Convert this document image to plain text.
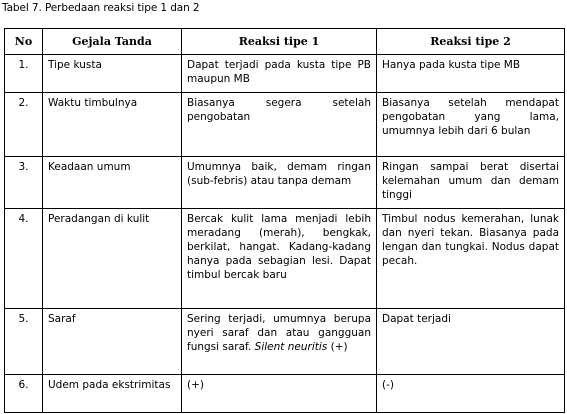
Tabel 7. Perbedaan reaksi tipe 1 dan 2
No	Gejala Tanda	Reaksi tipe 1	Reaksi tipe 2
1.	Tipe kusta	Dapat terjadi pada kusta tipe PB maupun MB	Hanya pada kusta tipe MB
2.	Waktu timbulnya	Biasanya segera setelah pengobatan	Biasanya setelah mendapat pengobatan yang lama, umumnya lebih dari 6 bulan
3.	Keadaan umum	Umumnya baik, demam ringan (sub-febris) atau tanpa demam	Ringan sampai berat disertai kelemahan umum dan demam tinggi
4.	Peradangan di kulit	Bercak kulit lama menjadi lebih meradang (merah), bengkak, berkilat, hangat. Kadang-kadang hanya pada sebagian lesi. Dapat timbul bercak baru	Timbul nodus kemerahan, lunak dan nyeri tekan. Biasanya pada lengan dan tungkai. Nodus dapat pecah.
5.	Saraf	Sering terjadi, umumnya berupa nyeri saraf dan atau gangguan fungsi saraf. Silent neuritis (+)	Dapat terjadi
6.	Udem pada ekstrimitas	(+)	(-)
